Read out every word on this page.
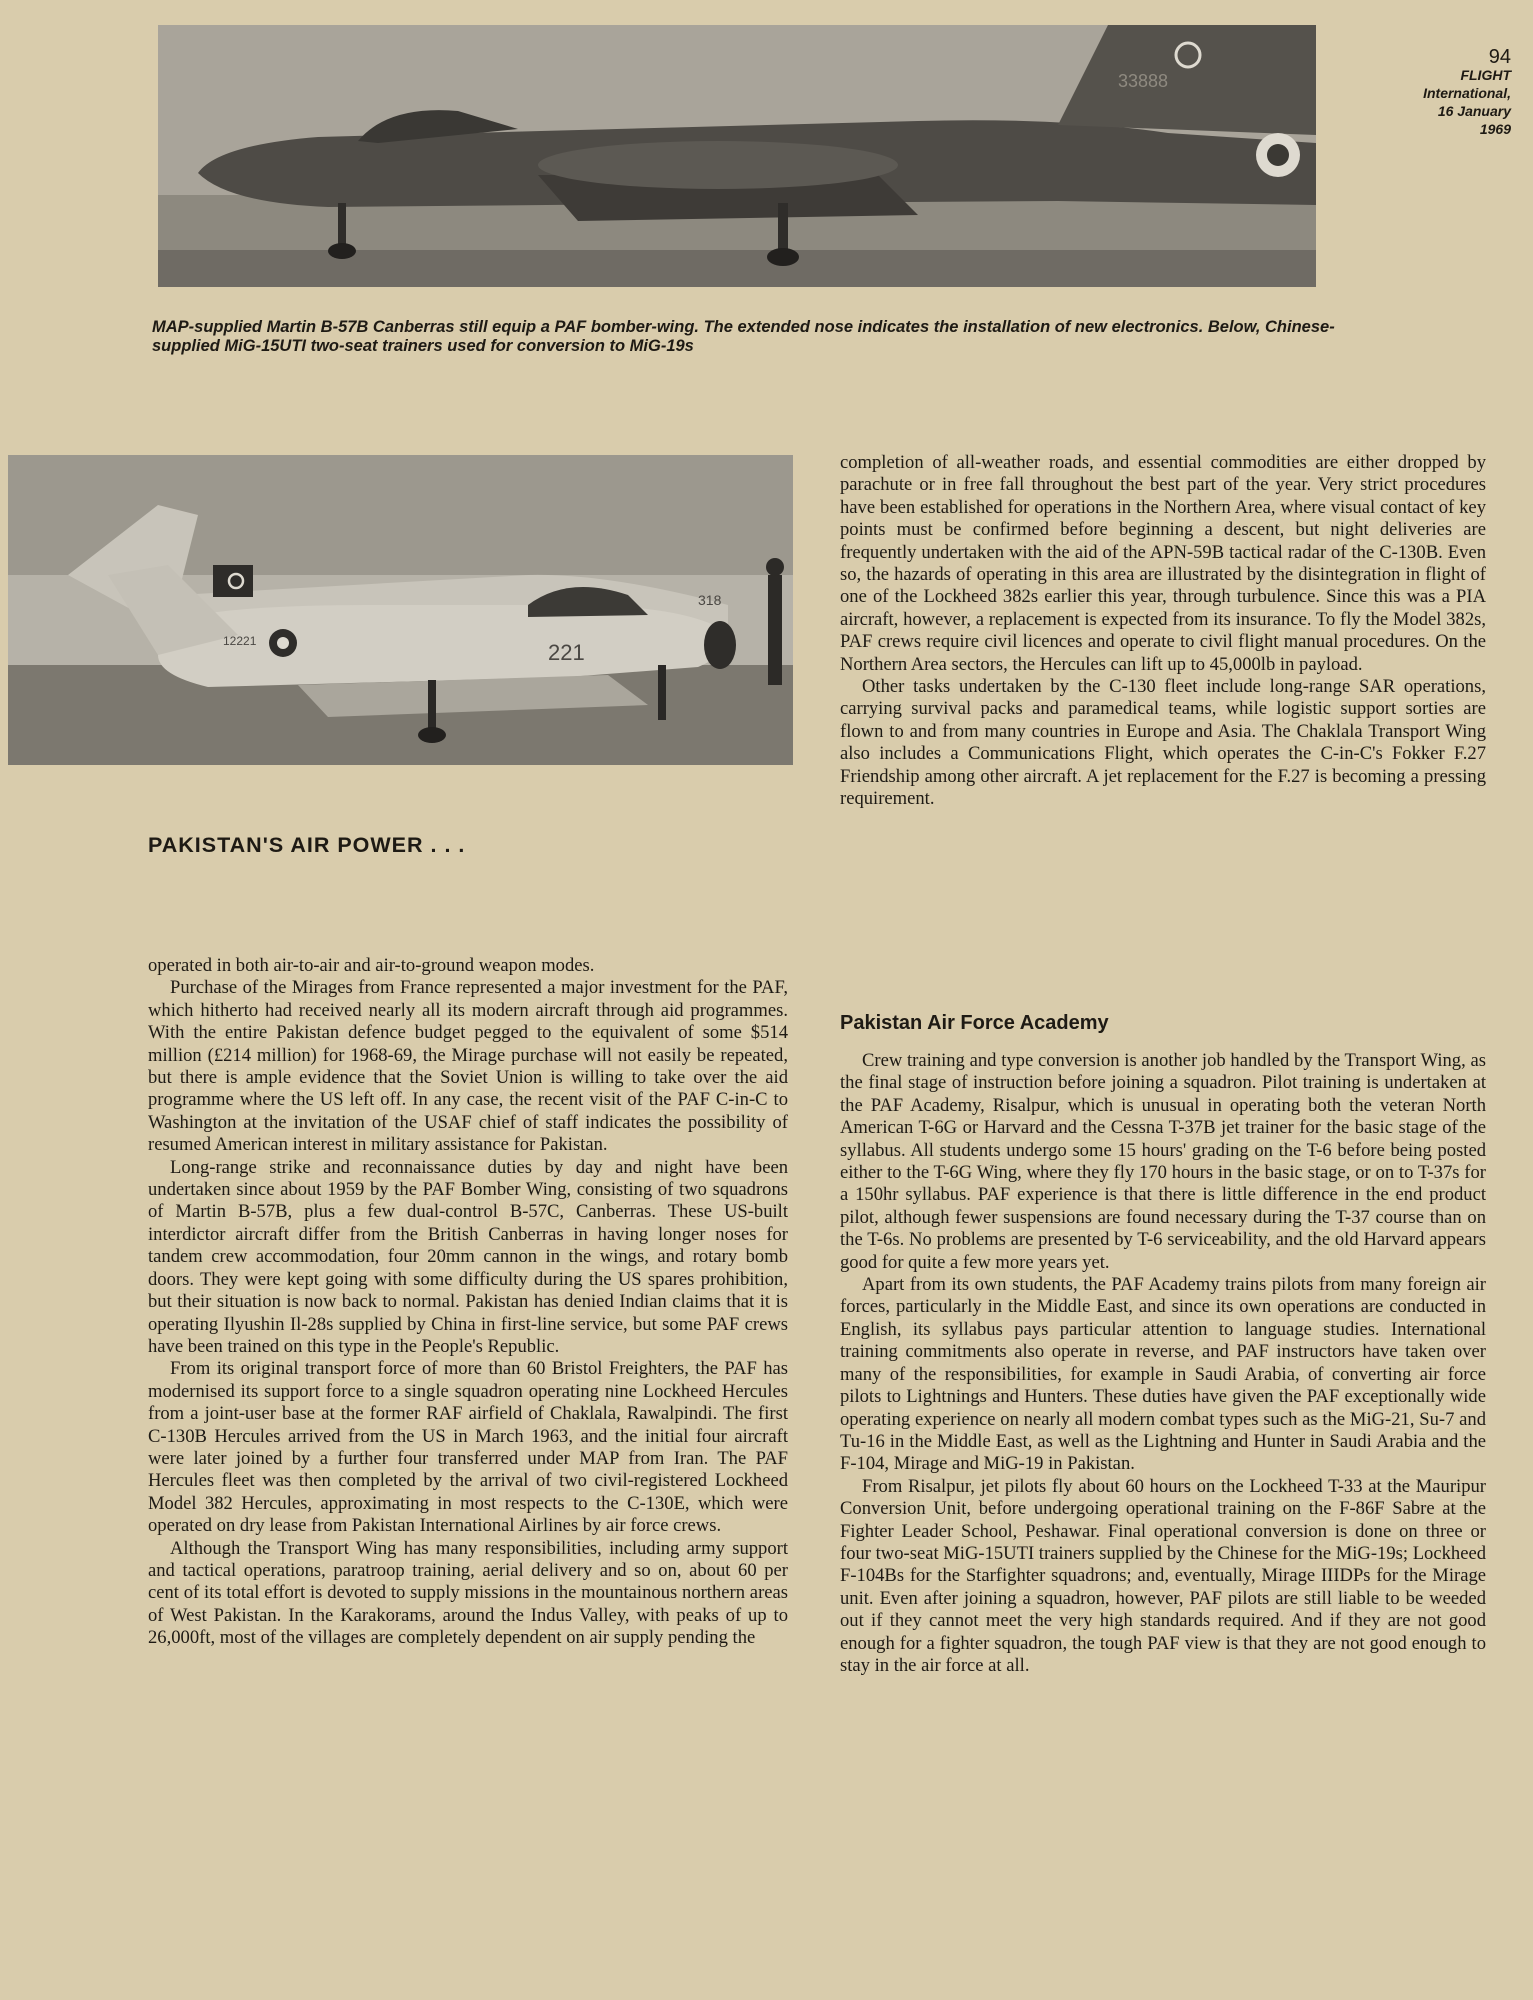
33888
94
FLIGHT
International,
16 January
1969
MAP-supplied Martin B-57B Canberras still equip a PAF bomber-wing. The extended nose indicates the installation of new electronics. Below, Chinese-supplied MiG-15UTI two-seat trainers used for conversion to MiG-19s
221
318
12221
PAKISTAN'S AIR POWER . . .

operated in both air-to-air and air-to-ground weapon modes.

Purchase of the Mirages from France represented a major investment for the PAF, which hitherto had received nearly all its modern aircraft through aid programmes. With the entire Pakistan defence budget pegged to the equivalent of some $514 million (£214 million) for 1968-69, the Mirage purchase will not easily be repeated, but there is ample evidence that the Soviet Union is willing to take over the aid programme where the US left off. In any case, the recent visit of the PAF C-in-C to Washington at the invitation of the USAF chief of staff indicates the possibility of resumed American interest in military assistance for Pakistan.

Long-range strike and reconnaissance duties by day and night have been undertaken since about 1959 by the PAF Bomber Wing, consisting of two squadrons of Martin B-57B, plus a few dual-control B-57C, Canberras. These US-built interdictor aircraft differ from the British Canberras in having longer noses for tandem crew accommodation, four 20mm cannon in the wings, and rotary bomb doors. They were kept going with some difficulty during the US spares prohibition, but their situation is now back to normal. Pakistan has denied Indian claims that it is operating Ilyushin Il-28s supplied by China in first-line service, but some PAF crews have been trained on this type in the People's Republic.

From its original transport force of more than 60 Bristol Freighters, the PAF has modernised its support force to a single squadron operating nine Lockheed Hercules from a joint-user base at the former RAF airfield of Chaklala, Rawalpindi. The first C-130B Hercules arrived from the US in March 1963, and the initial four aircraft were later joined by a further four transferred under MAP from Iran. The PAF Hercules fleet was then completed by the arrival of two civil-registered Lockheed Model 382 Hercules, approximating in most respects to the C-130E, which were operated on dry lease from Pakistan International Airlines by air force crews.

Although the Transport Wing has many responsibilities, including army support and tactical operations, paratroop training, aerial delivery and so on, about 60 per cent of its total effort is devoted to supply missions in the mountainous northern areas of West Pakistan. In the Karakorams, around the Indus Valley, with peaks of up to 26,000ft, most of the villages are completely dependent on air supply pending the

completion of all-weather roads, and essential commodities are either dropped by parachute or in free fall throughout the best part of the year. Very strict procedures have been established for operations in the Northern Area, where visual contact of key points must be confirmed before beginning a descent, but night deliveries are frequently undertaken with the aid of the APN-59B tactical radar of the C-130B. Even so, the hazards of operating in this area are illustrated by the disintegration in flight of one of the Lockheed 382s earlier this year, through turbulence. Since this was a PIA aircraft, however, a replacement is expected from its insurance. To fly the Model 382s, PAF crews require civil licences and operate to civil flight manual procedures. On the Northern Area sectors, the Hercules can lift up to 45,000lb in payload.

Other tasks undertaken by the C-130 fleet include long-range SAR operations, carrying survival packs and paramedical teams, while logistic support sorties are flown to and from many countries in Europe and Asia. The Chaklala Transport Wing also includes a Communications Flight, which operates the C-in-C's Fokker F.27 Friendship among other aircraft. A jet replacement for the F.27 is becoming a pressing requirement.

Pakistan Air Force Academy

Crew training and type conversion is another job handled by the Transport Wing, as the final stage of instruction before joining a squadron. Pilot training is undertaken at the PAF Academy, Risalpur, which is unusual in operating both the veteran North American T-6G or Harvard and the Cessna T-37B jet trainer for the basic stage of the syllabus. All students undergo some 15 hours' grading on the T-6 before being posted either to the T-6G Wing, where they fly 170 hours in the basic stage, or on to T-37s for a 150hr syllabus. PAF experience is that there is little difference in the end product pilot, although fewer suspensions are found necessary during the T-37 course than on the T-6s. No problems are presented by T-6 serviceability, and the old Harvard appears good for quite a few more years yet.

Apart from its own students, the PAF Academy trains pilots from many foreign air forces, particularly in the Middle East, and since its own operations are conducted in English, its syllabus pays particular attention to language studies. International training commitments also operate in reverse, and PAF instructors have taken over many of the responsibilities, for example in Saudi Arabia, of converting air force pilots to Lightnings and Hunters. These duties have given the PAF exceptionally wide operating experience on nearly all modern combat types such as the MiG-21, Su-7 and Tu-16 in the Middle East, as well as the Lightning and Hunter in Saudi Arabia and the F-104, Mirage and MiG-19 in Pakistan.

From Risalpur, jet pilots fly about 60 hours on the Lockheed T-33 at the Mauripur Conversion Unit, before undergoing operational training on the F-86F Sabre at the Fighter Leader School, Peshawar. Final operational conversion is done on three or four two-seat MiG-15UTI trainers supplied by the Chinese for the MiG-19s; Lockheed F-104Bs for the Starfighter squadrons; and, eventually, Mirage IIIDPs for the Mirage unit. Even after joining a squadron, however, PAF pilots are still liable to be weeded out if they cannot meet the very high standards required. And if they are not good enough for a fighter squadron, the tough PAF view is that they are not good enough to stay in the air force at all.
